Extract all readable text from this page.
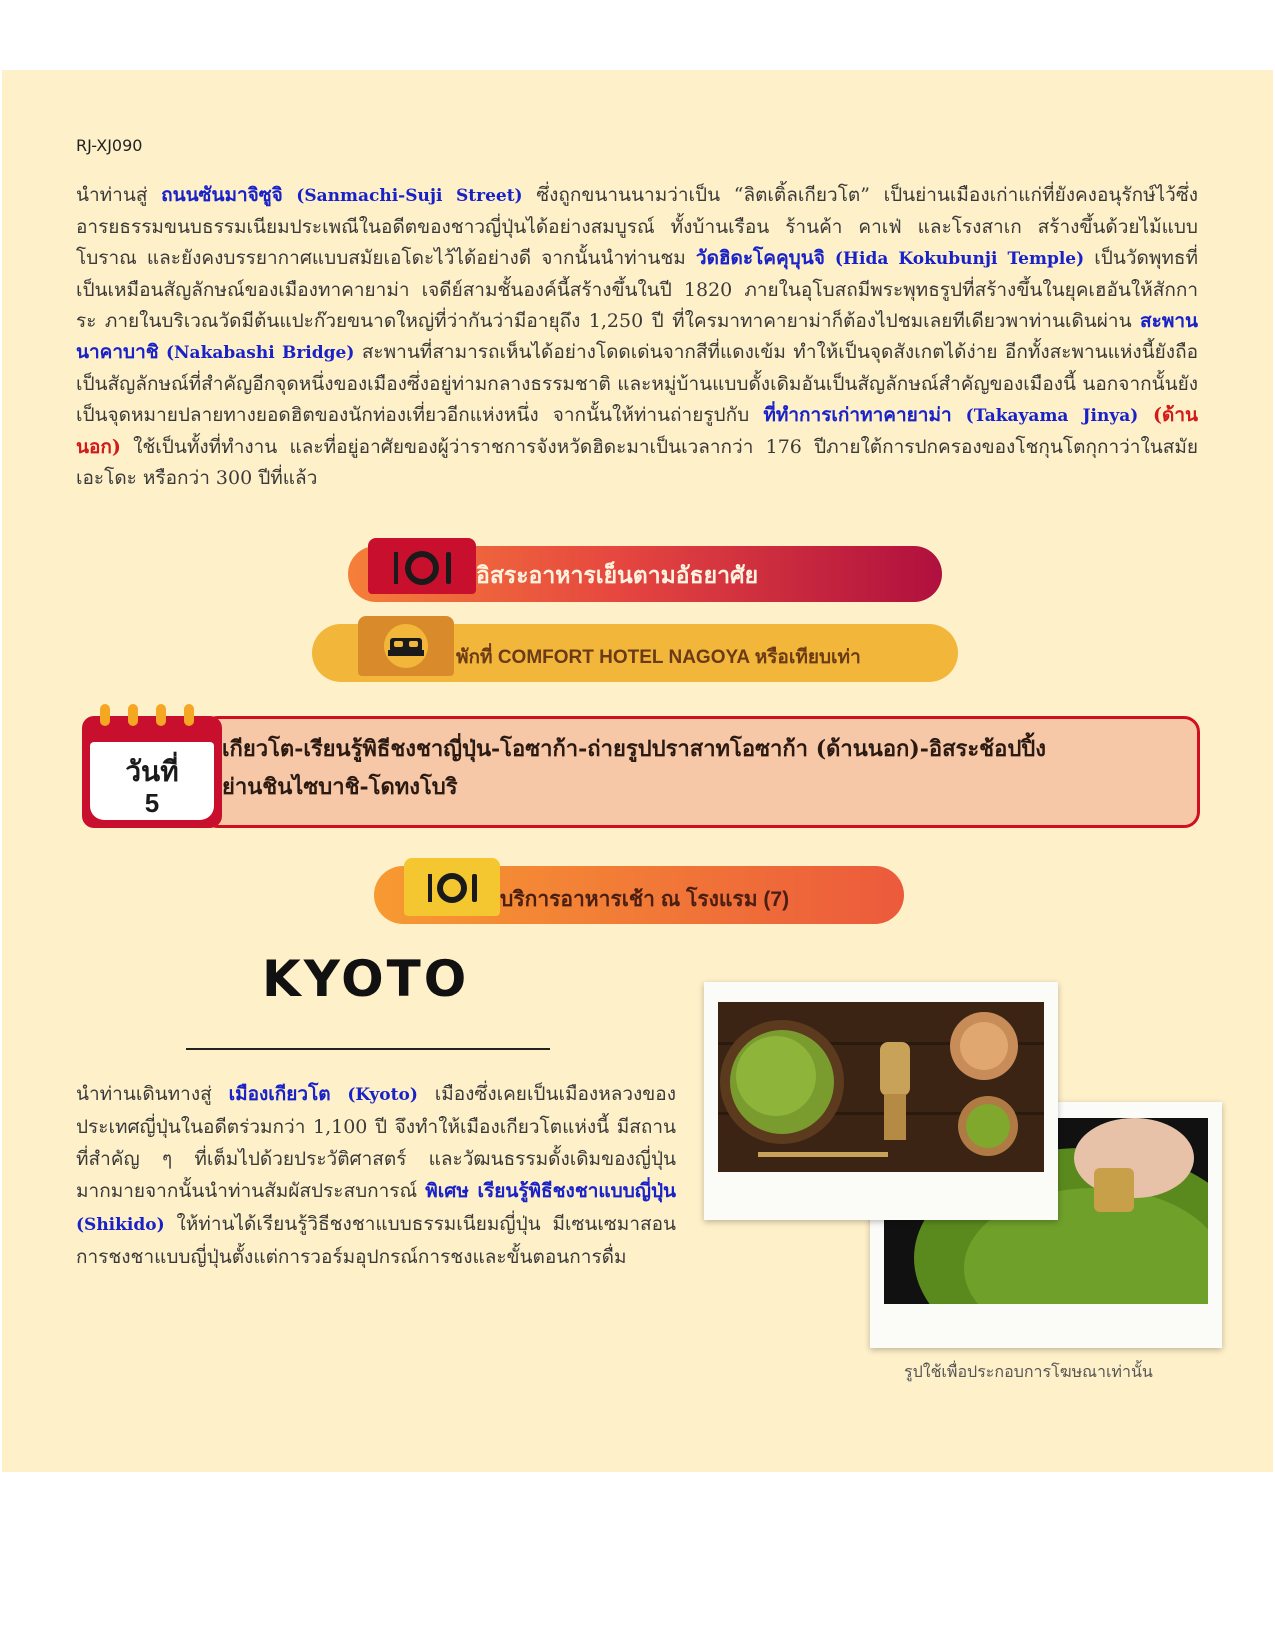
RJ-XJ090
นำท่านสู่ ถนนซันมาจิซูจิ (Sanmachi-Suji Street) ซึ่งถูกขนานนามว่าเป็น “ลิตเติ้ลเกียวโต” เป็นย่านเมืองเก่าแก่ที่ยังคงอนุรักษ์ไว้ซึ่งอารยธรรมขนบธรรมเนียมประเพณีในอดีตของชาวญี่ปุ่นได้อย่างสมบูรณ์ ทั้งบ้านเรือน ร้านค้า คาเฟ่ และโรงสาเก สร้างขึ้นด้วยไม้แบบโบราณ และยังคงบรรยากาศแบบสมัยเอโดะไว้ได้อย่างดี จากนั้นนำท่านชม วัดฮิดะโคคุบุนจิ (Hida Kokubunji Temple) เป็นวัดพุทธที่เป็นเหมือนสัญลักษณ์ของเมืองทาคายาม่า เจดีย์สามชั้นองค์นี้สร้างขึ้นในปี 1820 ภายในอุโบสถมีพระพุทธรูปที่สร้างขึ้นในยุคเฮอันให้สักการะ ภายในบริเวณวัดมีต้นแปะก๊วยขนาดใหญ่ที่ว่ากันว่ามีอายุถึง 1,250 ปี ที่ใครมาทาคายาม่าก็ต้องไปชมเลยทีเดียวพาท่านเดินผ่าน สะพานนาคาบาชิ (Nakabashi Bridge) สะพานที่สามารถเห็นได้อย่างโดดเด่นจากสีที่แดงเข้ม ทำให้เป็นจุดสังเกตได้ง่าย อีกทั้งสะพานแห่งนี้ยังถือเป็นสัญลักษณ์ที่สำคัญอีกจุดหนึ่งของเมืองซึ่งอยู่ท่ามกลางธรรมชาติ และหมู่บ้านแบบดั้งเดิมอันเป็นสัญลักษณ์สำคัญของเมืองนี้ นอกจากนั้นยังเป็นจุดหมายปลายทางยอดฮิตของนักท่องเที่ยวอีกแห่งหนึ่ง จากนั้นให้ท่านถ่ายรูปกับ ที่ทำการเก่าทาคายาม่า (Takayama Jinya) (ด้านนอก) ใช้เป็นทั้งที่ทำงาน และที่อยู่อาศัยของผู้ว่าราชการจังหวัดฮิดะมาเป็นเวลากว่า 176 ปีภายใต้การปกครองของโชกุนโตกุกาว่าในสมัยเอะโดะ หรือกว่า 300 ปีที่แล้ว
อิสระอาหารเย็นตามอัธยาศัย
พักที่ COMFORT HOTEL NAGOYA หรือเทียบเท่า
วันที่
5
เกียวโต-เรียนรู้พิธีชงชาญี่ปุ่น-โอซาก้า-ถ่ายรูปปราสาทโอซาก้า (ด้านนอก)-อิสระช้อปปิ้งย่านชินไซบาชิ-โดทงโบริ
บริการอาหารเช้า ณ โรงแรม (7)
KYOTO
นำท่านเดินทางสู่ เมืองเกียวโต (Kyoto) เมืองซึ่งเคยเป็นเมืองหลวงของประเทศญี่ปุ่นในอดีตร่วมกว่า 1,100 ปี จึงทำให้เมืองเกียวโตแห่งนี้ มีสถานที่สำคัญ ๆ ที่เต็มไปด้วยประวัติศาสตร์ และวัฒนธรรมดั้งเดิมของญี่ปุ่นมากมายจากนั้นนำท่านสัมผัสประสบการณ์ พิเศษ เรียนรู้พิธีชงชาแบบญี่ปุ่น (Shikido) ให้ท่านได้เรียนรู้วิธีชงชาแบบธรรมเนียมญี่ปุ่น มีเซนเซมาสอนการชงชาแบบญี่ปุ่นตั้งแต่การวอร์มอุปกรณ์การชงและขั้นตอนการดื่ม
รูปใช้เพื่อประกอบการโฆษณาเท่านั้น
